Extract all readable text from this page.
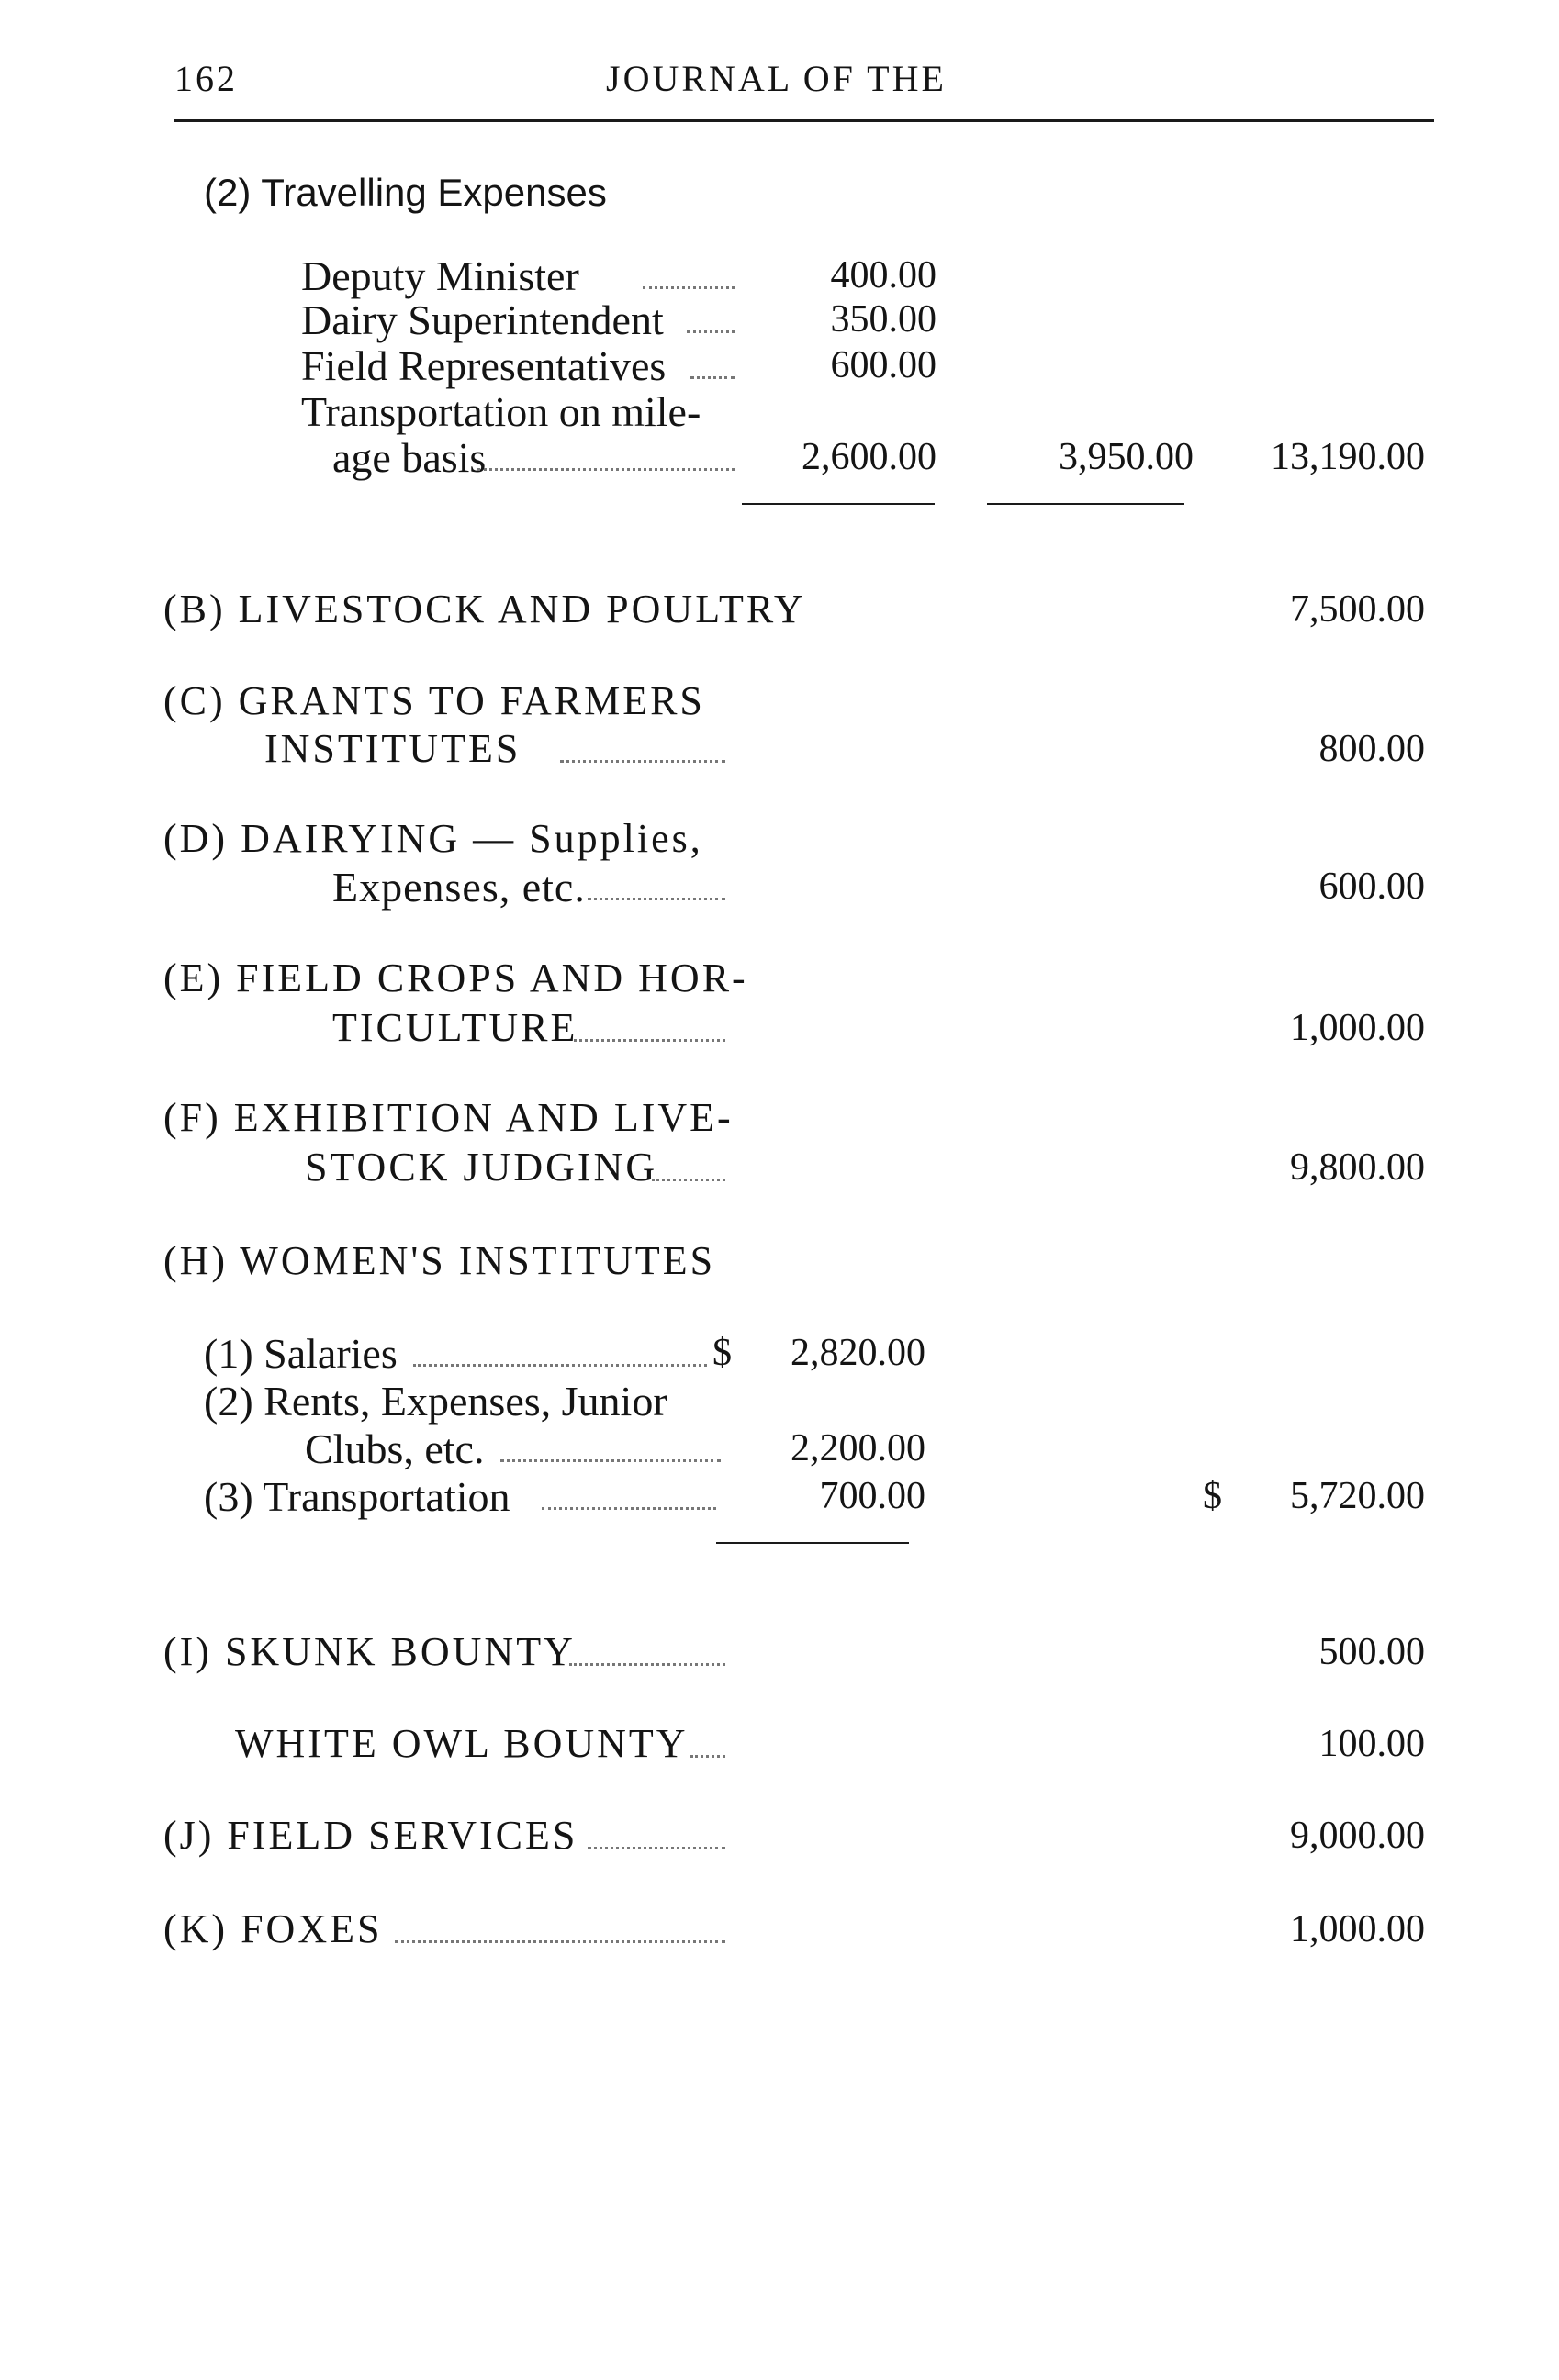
162	JOURNAL OF THE
(2) Travelling Expenses
Deputy Minister	400.00
Dairy Superintendent	350.00
Field Representatives	600.00
Transportation on mile-
age basis	2,600.00	3,950.00	13,190.00
(B) LIVESTOCK AND POULTRY	7,500.00
(C) GRANTS TO FARMERS
INSTITUTES	800.00
(D) DAIRYING — Supplies,
Expenses, etc.	600.00
(E) FIELD CROPS AND HOR-
TICULTURE	1,000.00
(F) EXHIBITION AND LIVE-
STOCK JUDGING	9,800.00
(H) WOMEN'S INSTITUTES
(1) Salaries	$	2,820.00
(2) Rents, Expenses, Junior
Clubs, etc.	2,200.00
(3) Transportation	700.00	$	5,720.00
(I) SKUNK BOUNTY	500.00
WHITE OWL BOUNTY	100.00
(J) FIELD SERVICES	9,000.00
(K) FOXES	1,000.00
